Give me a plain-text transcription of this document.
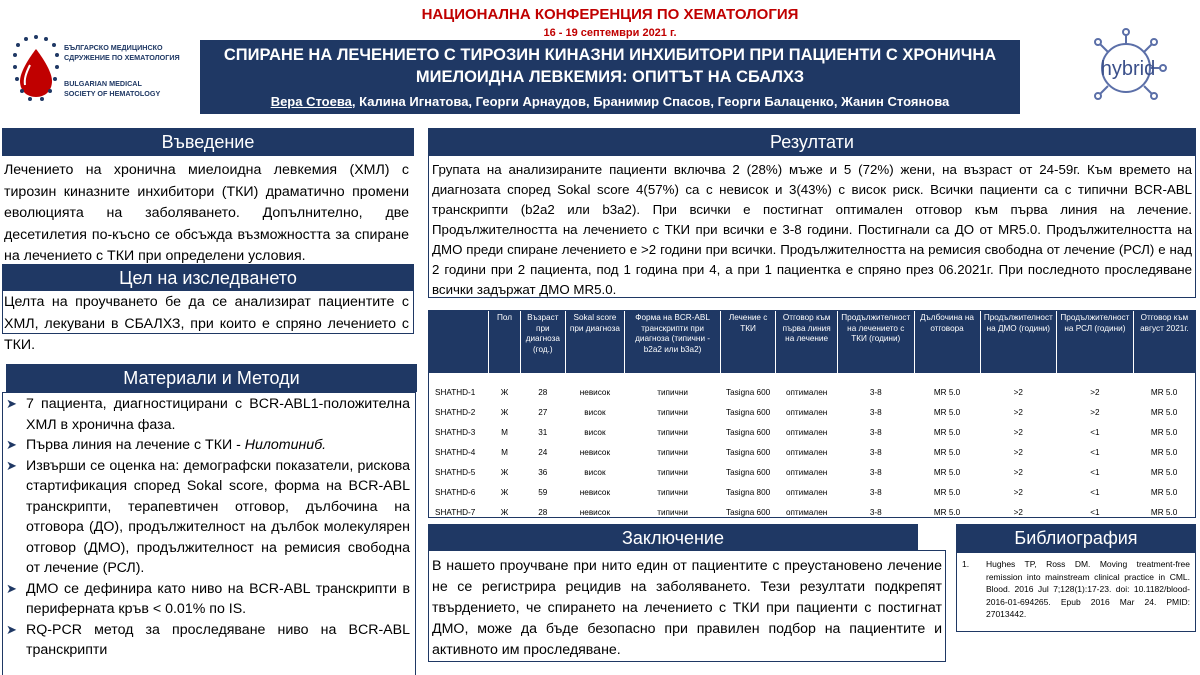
НАЦИОНАЛНА КОНФЕРЕНЦИЯ ПО ХЕМАТОЛОГИЯ
16 - 19 септември 2021 г.
БЪЛГАРСКО МЕДИЦИНСКО
СДРУЖЕНИЕ ПО ХЕМАТОЛОГИЯ
BULGARIAN MEDICAL
SOCIETY OF HEMATOLOGY
СПИРАНЕ НА ЛЕЧЕНИЕТО С ТИРОЗИН КИНАЗНИ ИНХИБИТОРИ ПРИ ПАЦИЕНТИ С ХРОНИЧНА
МИЕЛОИДНА ЛЕВКЕМИЯ: ОПИТЪТ НА СБАЛХЗ
Вера Стоева, Калина Игнатова, Георги Арнаудов, Бранимир Спасов, Георги Балаценко, Жанин Стоянова
hybrid
Въведение
Лечението на хронична миелоидна левкемия (ХМЛ) с тирозин киназните инхибитори (ТКИ) драматично промени еволюцията на заболяването. Допълнително, две десетилетия по-късно се обсъжда възможността за спиране на лечението с ТКИ при определени условия.
Цел на изследването
Целта на проучването бе да се анализират пациентите с ХМЛ, лекувани в СБАЛХЗ, при които е спряно лечението с ТКИ.
Материали и Методи
➤ 7 пациента, диагностицирани с BCR-ABL1-положителна ХМЛ в хронична фаза.
➤ Първа линия на лечение с ТКИ - Нилотиниб.
➤ Извърши се оценка на: демографски показатели, рискова стартификация според Sokal score, форма на BCR-ABL транскрипти, терапевтичен отговор, дълбочина на отговора (ДО), продължителност на дълбок молекулярен отговор (ДМО), продължителност на ремисия свободна от лечение (РСЛ).
➤ ДМО се дефинира като ниво на BCR-ABL транскрипти в периферната кръв < 0.01% по IS.
➤ RQ-PCR метод за проследяване ниво на BCR-ABL транскрипти
Резултати
Групата на анализираните пациенти включва 2 (28%) мъже и 5 (72%) жени, на възраст от 24-59г. Към времето на диагнозата според Sokal score 4(57%) са с невисок и 3(43%) с висок риск. Всички пациенти са с типични BCR-ABL транскрипти (b2a2 или b3a2). При всички е постигнат оптимален отговор към първа линия на лечение. Продължителността на лечението с ТКИ при всички е 3-8 години. Постигнали са ДО от MR5.0. Продължителността на ДМО преди спиране лечението е >2 години при всички. Продължителността на ремисия свободна от лечение (РСЛ) е над 2 години при 2 пациента, под 1 година при 4, а при 1 пациентка е спряно през 06.2021г. При последното проследяване всички задържат ДМО MR5.0.
	Пол	Възраст при диагноза (год.)	Sokal score при диагноза	Форма на BCR-ABL транскрипти при диагноза (типични - b2a2 или b3a2)	Лечение с ТКИ	Отговор към първа линия на лечение	Продължителност на лечението с ТКИ (години)	Дълбочина на отговора	Продължителност на ДМО (години)	Продължителност на РСЛ (години)	Отговор към август 2021г.

SHATHD-1	Ж	28	невисок	типични	Tasigna 600	оптимален	3-8	MR 5.0	>2	>2	MR 5.0
SHATHD-2	Ж	27	висок	типични	Tasigna 600	оптимален	3-8	MR 5.0	>2	>2	MR 5.0
SHATHD-3	М	31	висок	типични	Tasigna 600	оптимален	3-8	MR 5.0	>2	<1	MR 5.0
SHATHD-4	М	24	невисок	типични	Tasigna 600	оптимален	3-8	MR 5.0	>2	<1	MR 5.0
SHATHD-5	Ж	36	висок	типични	Tasigna 600	оптимален	3-8	MR 5.0	>2	<1	MR 5.0
SHATHD-6	Ж	59	невисок	типични	Tasigna 800	оптимален	3-8	MR 5.0	>2	<1	MR 5.0
SHATHD-7	Ж	28	невисок	типични	Tasigna 600	оптимален	3-8	MR 5.0	>2	<1	MR 5.0
Заключение
В нашето проучване при нито един от пациентите с преустановено лечение не се регистрира рецидив на заболяването. Тези резултати подкрепят твърдението, че спирането на лечението с ТКИ при пациенти с постигнат ДМО, може да бъде безопасно при правилен подбор на пациентите и активното им проследяване.
Библиография
1. Hughes TP, Ross DM. Moving treatment-free remission into mainstream clinical practice in CML. Blood. 2016 Jul 7;128(1):17-23. doi: 10.1182/blood-2016-01-694265. Epub 2016 Mar 24. PMID: 27013442.
